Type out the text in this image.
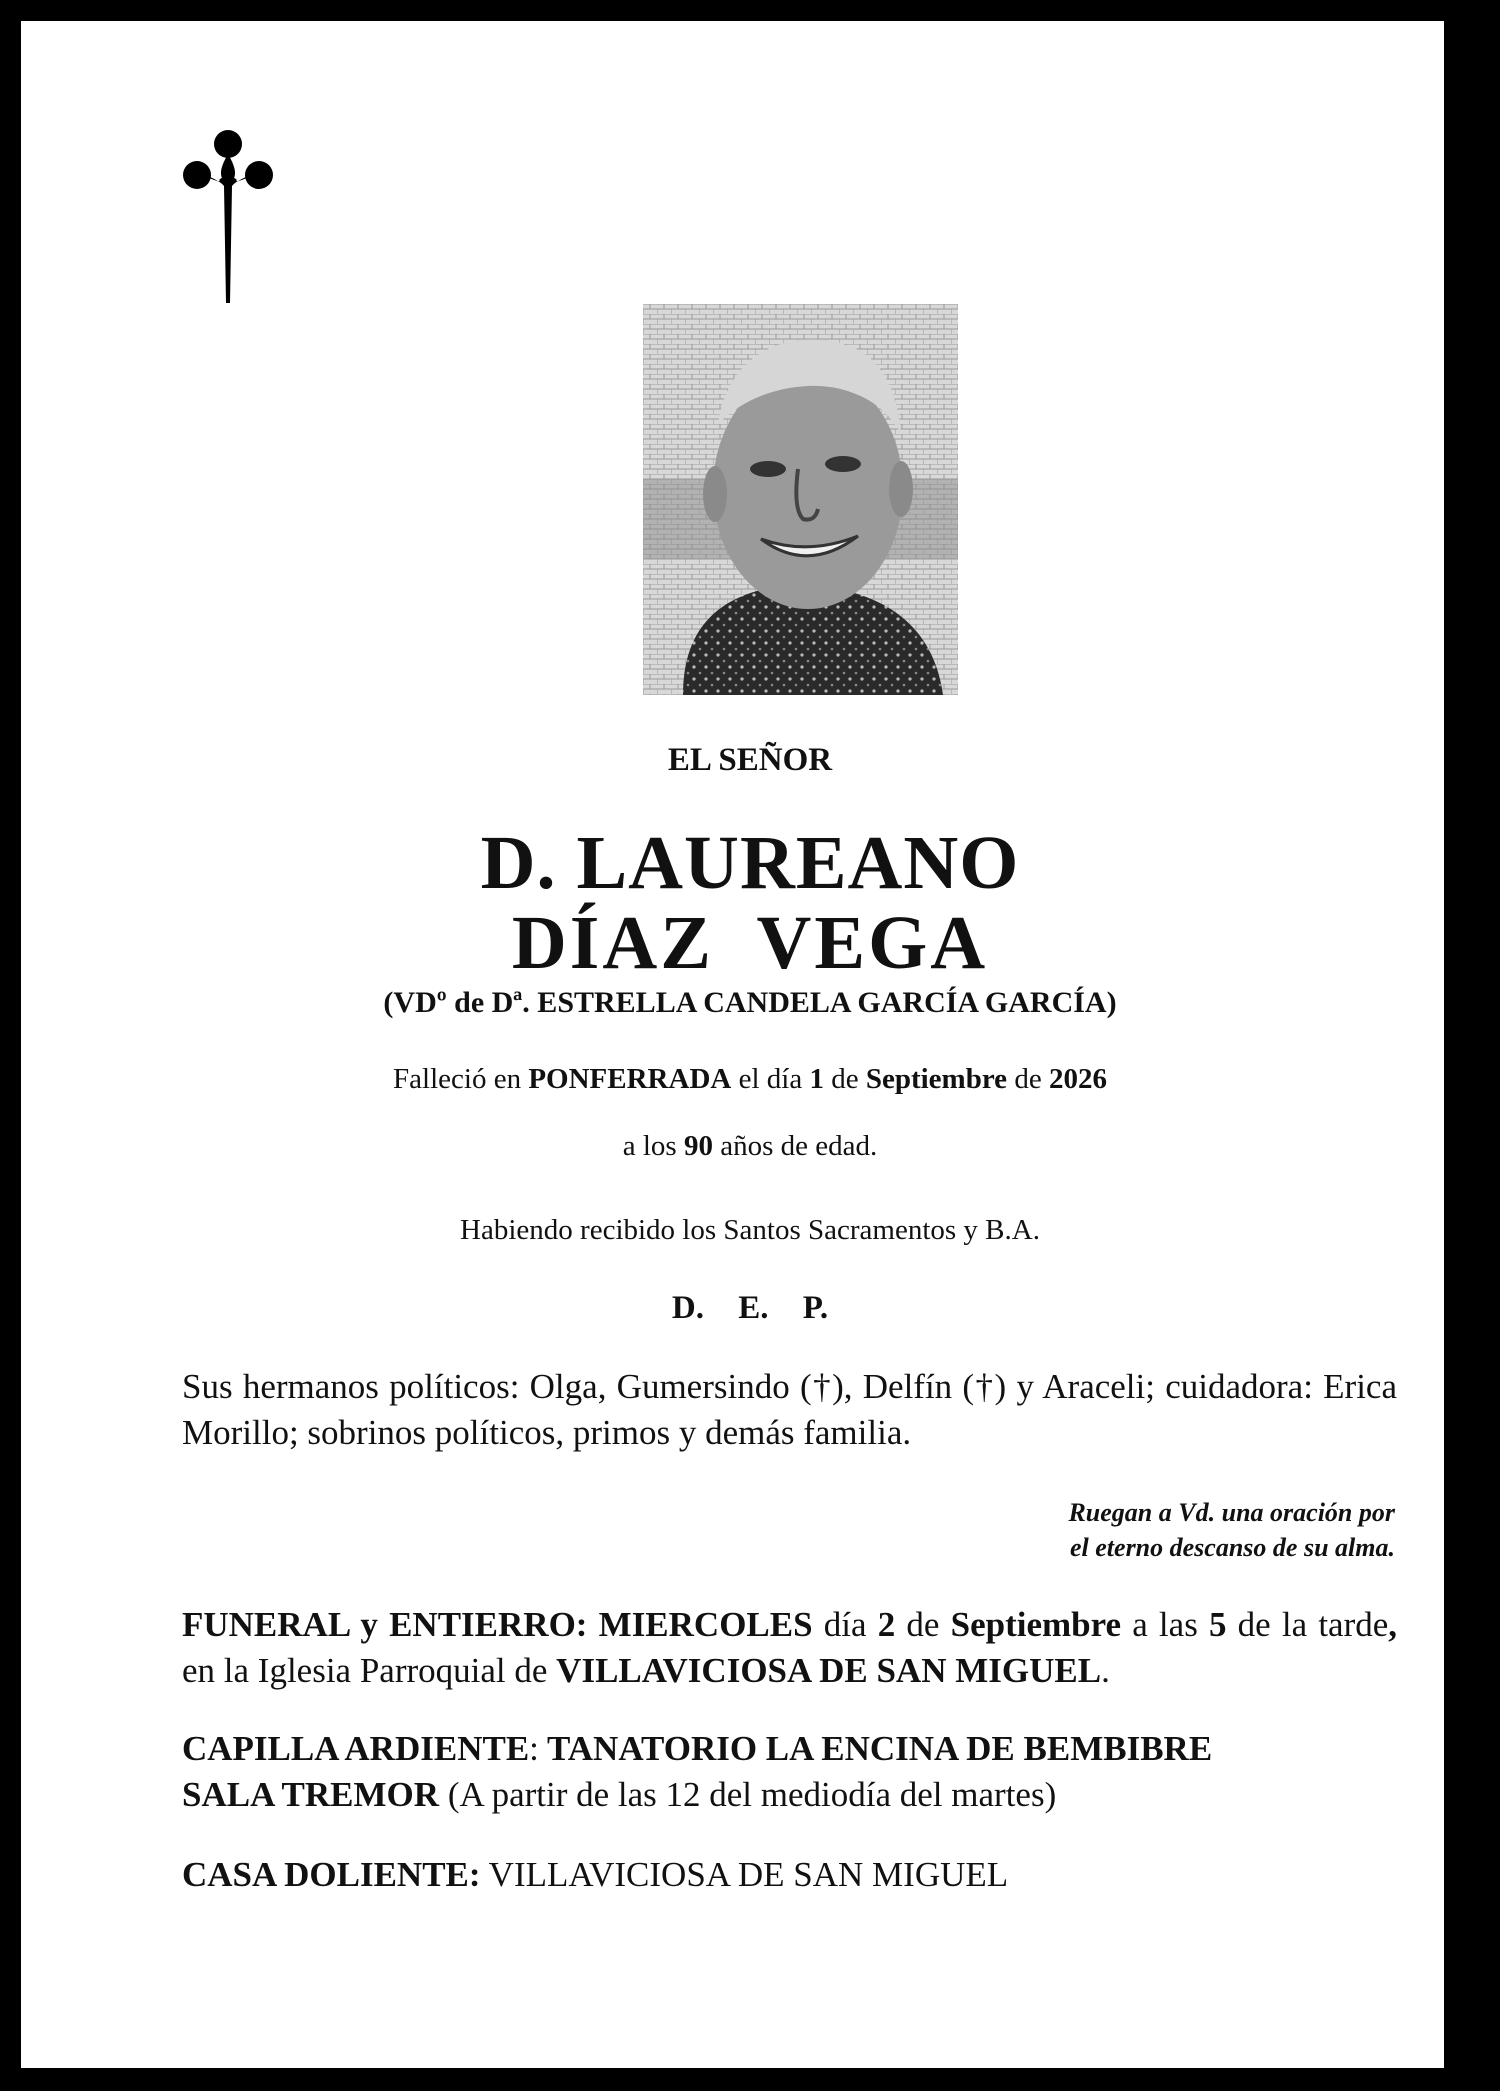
EL SEÑOR
D. LAUREANO
DÍAZ VEGA
(VDº de Dª. ESTRELLA CANDELA GARCÍA GARCÍA)
Falleció en PONFERRADA el día 1 de Septiembre de 2026
a los 90 años de edad.
Habiendo recibido los Santos Sacramentos y B.A.
D. E. P.
Sus hermanos políticos: Olga, Gumersindo (†), Delfín (†) y Araceli; cuidadora: Erica Morillo; sobrinos políticos, primos y demás familia.
Ruegan a Vd. una oración por
el eterno descanso de su alma.
FUNERAL y ENTIERRO: MIERCOLES día 2 de Septiembre a las 5 de la tarde, en la Iglesia Parroquial de VILLAVICIOSA DE SAN MIGUEL.
CAPILLA ARDIENTE: TANATORIO LA ENCINA DE BEMBIBRE
SALA TREMOR (A partir de las 12 del mediodía del martes)
CASA DOLIENTE: VILLAVICIOSA DE SAN MIGUEL
